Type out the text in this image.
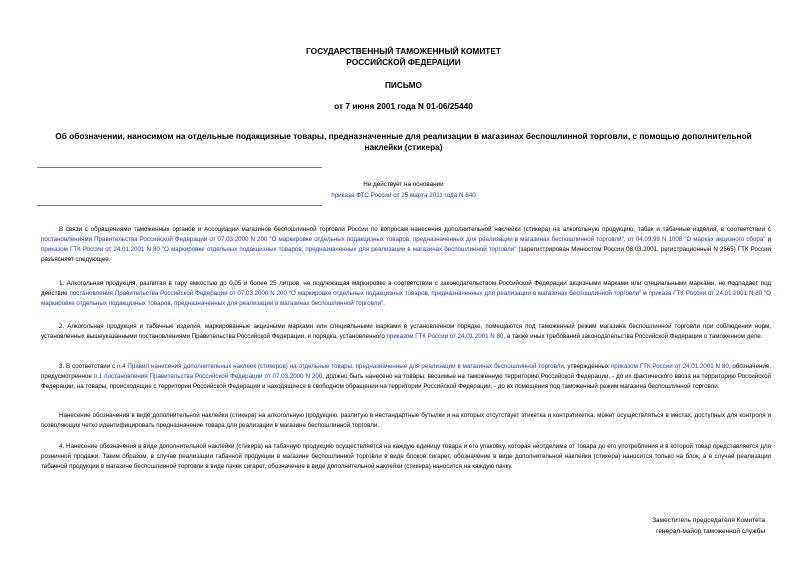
ГОСУДАРСТВЕННЫЙ ТАМОЖЕННЫЙ КОМИТЕТ
РОССИЙСКОЙ ФЕДЕРАЦИИ
ПИСЬМО
от 7 июня 2001 года N 01-06/25440
Об обозначении, наносимом на отдельные подакцизные товары, предназначенные для реализации в магазинах беспошлинной торговли, с помощью дополнительной наклейки (стикера)
Не действует на основании
приказа ФТС России от 25 марта 2011 года N 640

В связи с обращениями таможенных органов и Ассоциации магазинов беспошлинной торговли России по вопросам нанесения дополнительной наклейки (стикера) на алкогольную продукцию, табак и табачные изделия, в соответствии с постановлениями Правительства Российской Федерации от 07.03.2000 N 200 "О маркировке отдельных подакцизных товаров, предназначенных для реализации в магазинах беспошлинной торговли", от 04.09.99 N 1008 "О марках акцизного сбора" и приказом ГТК России от 24.01.2001 N 80 "О маркировке отдельных подакцизных товаров, предназначенных для реализации в магазинах беспошлинной торговли" (зарегистрирован Минюстом России 08.03.2001, регистрационный N 2565) ГТК России разъясняет следующее.

1. Алкогольная продукция, разлитая в тару емкостью до 0,05 и более 25 литров, не подлежащая маркировке в соответствии с законодательством Российской Федерации акцизными марками или специальными марками, не подпадает под действие постановления Правительства Российской Федерации от 07.03.2000 N 200 "О маркировке отдельных подакцизных товаров, предназначенных для реализации в магазинах беспошлинной торговли" и приказа ГТК России от 24.01.2001 N 80 "О маркировке отдельных подакцизных товаров, предназначенных для реализации в магазинах беспошлинной торговли".

2. Алкогольная продукция и табачные изделия, маркированные акцизными марками или специальными марками в установленном порядке, помещаются под таможенный режим магазина беспошлинной торговли при соблюдении норм, установленных вышеуказанными постановлениями Правительства Российской Федерации, и порядка, установленного приказом ГТК России от 24.01.2001 N 80, а также иных требований законодательства Российской Федерации о таможенном деле.

3. В соответствии с п.4 Правил нанесения дополнительных наклеек (стикеров) на отдельные товары, предназначенные для реализации в магазинах беспошлинной торговли, утвержденных приказом ГТК России от 24.01.2001 N 80, обозначение, предусмотренное п.1 постановления Правительства Российской Федерации от 07.03.2000 N 200, должно быть нанесено на товары, ввозимые на таможенную территорию Российской Федерации, - до их фактического ввоза на территорию Российской Федерации, на товары, происходящие с территории Российской Федерации и находящиеся в свободном обращении на территории Российской Федерации, - до их помещения под таможенный режим магазина беспошлинной торговли.

Нанесение обозначения в виде дополнительной наклейки (стикера) на алкогольную продукцию, разлитую в нестандартные бутылки и на которых отсутствует этикетка и контрэтикетка, может осуществляться в местах, доступных для контроля и позволяющих четко идентифицировать предназначение товара для реализации в магазине беспошлинной торговли.

4. Нанесение обозначения в виде дополнительной наклейки (стикера) на табачную продукцию осуществляется на каждую единицу товара и его упаковку, которая неотделима от товара до его употребления и в которой товар представляется для розничной продажи. Таким образом, в случае реализации табачной продукции в магазине беспошлинной торговли в виде блоков сигарет, обозначение в виде дополнительной наклейки (стикера) наносится только на блок, а в случае реализации табачной продукции в магазине беспошлинной торговли в виде пачек сигарет, обозначение в виде дополнительной наклейки (стикера) наносится на каждую пачку.

Заместитель председателя Комитета
генерал-майор таможенной службы
